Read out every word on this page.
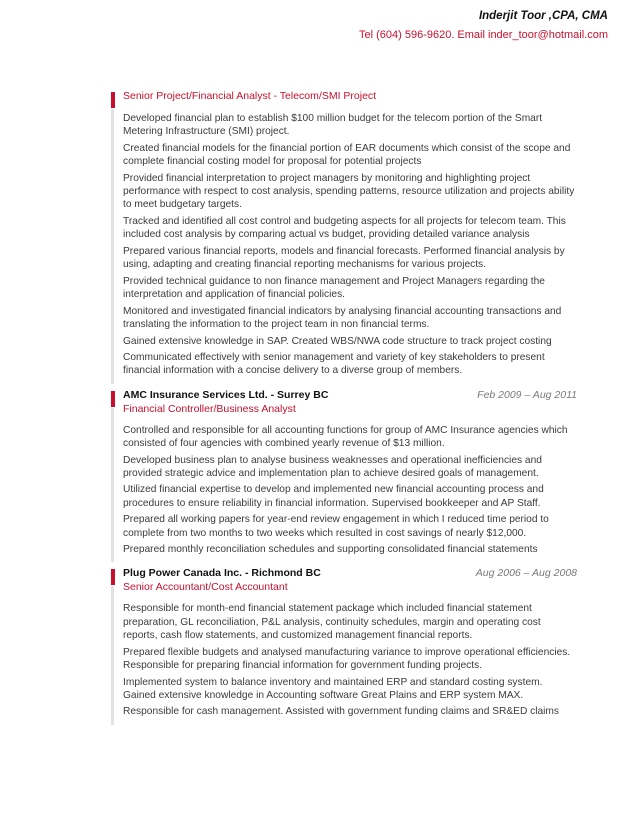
Inderjit Toor ,CPA, CMA
Tel (604) 596-9620. Email inder_toor@hotmail.com
Senior Project/Financial Analyst - Telecom/SMI Project
Developed financial plan to establish $100 million budget for the telecom portion of the Smart Metering Infrastructure (SMI) project.
Created financial models for the financial portion of EAR documents which consist of the scope and complete financial costing model for proposal for potential projects
Provided financial interpretation to project managers by monitoring and highlighting project performance with respect to cost analysis, spending patterns, resource utilization and projects ability to meet budgetary targets.
Tracked and identified all cost control and budgeting aspects for all projects for telecom team. This included cost analysis by comparing actual vs budget, providing detailed variance analysis
Prepared various financial reports, models and financial forecasts. Performed financial analysis by using, adapting and creating financial reporting mechanisms for various projects.
Provided technical guidance to non finance management and Project Managers regarding the interpretation and application of financial policies.
Monitored and investigated financial indicators by analysing financial accounting transactions and translating the information to the project team in non financial terms.
Gained extensive knowledge in SAP. Created WBS/NWA code structure to track project costing
Communicated effectively with senior management and variety of key stakeholders to present financial information with a concise delivery to a diverse group of members.
AMC Insurance Services Ltd. - Surrey BC	Feb 2009 – Aug 2011
Financial Controller/Business Analyst
Controlled and responsible for all accounting functions for group of AMC Insurance agencies which consisted of four agencies with combined yearly revenue of $13 million.
Developed business plan to analyse business weaknesses and operational inefficiencies and provided strategic advice and implementation plan to achieve desired goals of management.
Utilized financial expertise to develop and implemented new financial accounting process and procedures to ensure reliability in financial information. Supervised bookkeeper and AP Staff.
Prepared all working papers for year-end review engagement in which I reduced time period to complete from two months to two weeks which resulted in cost savings of nearly $12,000.
Prepared monthly reconciliation schedules and supporting consolidated financial statements
Plug Power Canada Inc. - Richmond BC	Aug 2006 – Aug 2008
Senior Accountant/Cost Accountant
Responsible for month-end financial statement package which included financial statement preparation, GL reconciliation, P&L analysis, continuity schedules, margin and operating cost reports, cash flow statements, and customized management financial reports.
Prepared flexible budgets and analysed manufacturing variance to improve operational efficiencies. Responsible for preparing financial information for government funding projects.
Implemented system to balance inventory and maintained ERP and standard costing system. Gained extensive knowledge in Accounting software Great Plains and ERP system MAX.
Responsible for cash management. Assisted with government funding claims and SR&ED claims
